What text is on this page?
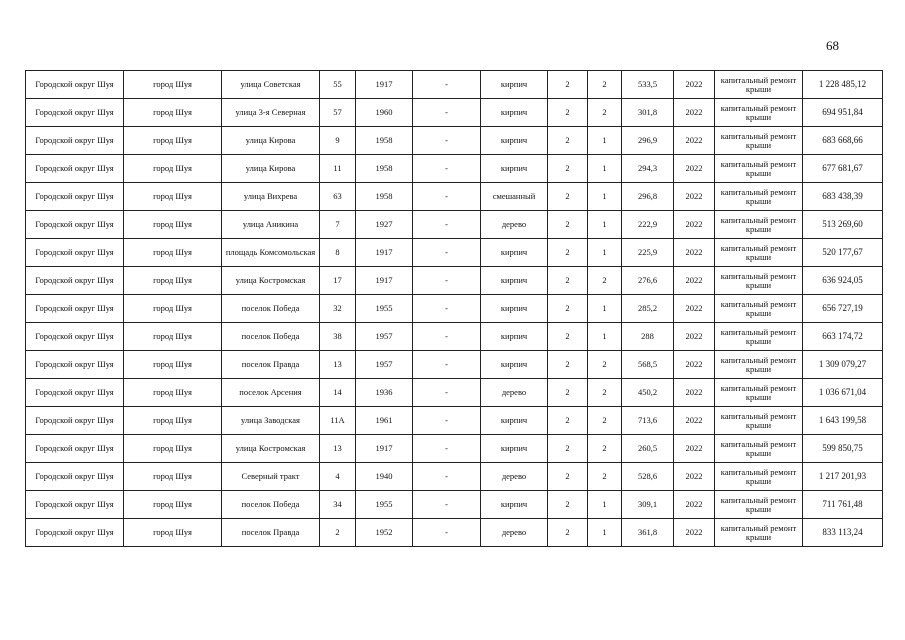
68
Городской округ Шуя	город Шуя	улица Советская	55	1917	-	кирпич	2	2	533,5	2022	капитальный ремонт крыши	1 228 485,12
Городской округ Шуя	город Шуя	улица 3-я Северная	57	1960	-	кирпич	2	2	301,8	2022	капитальный ремонт крыши	694 951,84
Городской округ Шуя	город Шуя	улица Кирова	9	1958	-	кирпич	2	1	296,9	2022	капитальный ремонт крыши	683 668,66
Городской округ Шуя	город Шуя	улица Кирова	11	1958	-	кирпич	2	1	294,3	2022	капитальный ремонт крыши	677 681,67
Городской округ Шуя	город Шуя	улица Вихрева	63	1958	-	смешанный	2	1	296,8	2022	капитальный ремонт крыши	683 438,39
Городской округ Шуя	город Шуя	улица Аникина	7	1927	-	дерево	2	1	222,9	2022	капитальный ремонт крыши	513 269,60
Городской округ Шуя	город Шуя	площадь Комсомольская	8	1917	-	кирпич	2	1	225,9	2022	капитальный ремонт крыши	520 177,67
Городской округ Шуя	город Шуя	улица Костромская	17	1917	-	кирпич	2	2	276,6	2022	капитальный ремонт крыши	636 924,05
Городской округ Шуя	город Шуя	поселок Победа	32	1955	-	кирпич	2	1	285,2	2022	капитальный ремонт крыши	656 727,19
Городской округ Шуя	город Шуя	поселок Победа	38	1957	-	кирпич	2	1	288	2022	капитальный ремонт крыши	663 174,72
Городской округ Шуя	город Шуя	поселок Правда	13	1957	-	кирпич	2	2	568,5	2022	капитальный ремонт крыши	1 309 079,27
Городской округ Шуя	город Шуя	поселок Арсения	14	1936	-	дерево	2	2	450,2	2022	капитальный ремонт крыши	1 036 671,04
Городской округ Шуя	город Шуя	улица Заводская	11А	1961	-	кирпич	2	2	713,6	2022	капитальный ремонт крыши	1 643 199,58
Городской округ Шуя	город Шуя	улица Костромская	13	1917	-	кирпич	2	2	260,5	2022	капитальный ремонт крыши	599 850,75
Городской округ Шуя	город Шуя	Северный тракт	4	1940	-	дерево	2	2	528,6	2022	капитальный ремонт крыши	1 217 201,93
Городской округ Шуя	город Шуя	поселок Победа	34	1955	-	кирпич	2	1	309,1	2022	капитальный ремонт крыши	711 761,48
Городской округ Шуя	город Шуя	поселок Правда	2	1952	-	дерево	2	1	361,8	2022	капитальный ремонт крыши	833 113,24
